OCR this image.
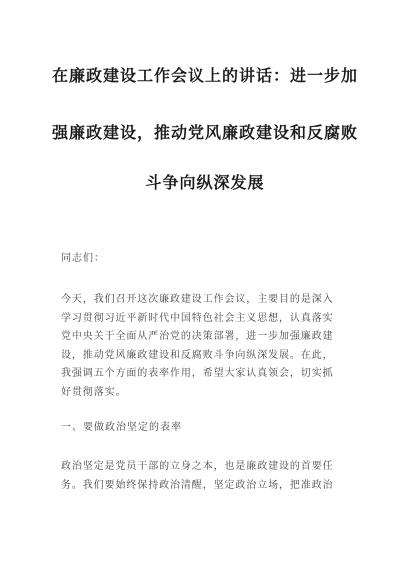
在廉政建设工作会议上的讲话：进一步加
强廉政建设，推动党风廉政建设和反腐败
斗争向纵深发展
同志们：
今天，我们召开这次廉政建设工作会议，主要目的是深入
学习贯彻习近平新时代中国特色社会主义思想，认真落实
党中央关于全面从严治党的决策部署，进一步加强廉政建
设，推动党风廉政建设和反腐败斗争向纵深发展。在此，
我强调五个方面的表率作用，希望大家认真领会，切实抓
好贯彻落实。
一、要做政治坚定的表率
政治坚定是党员干部的立身之本，也是廉政建设的首要任
务。我们要始终保持政治清醒，坚定政治立场，把准政治
